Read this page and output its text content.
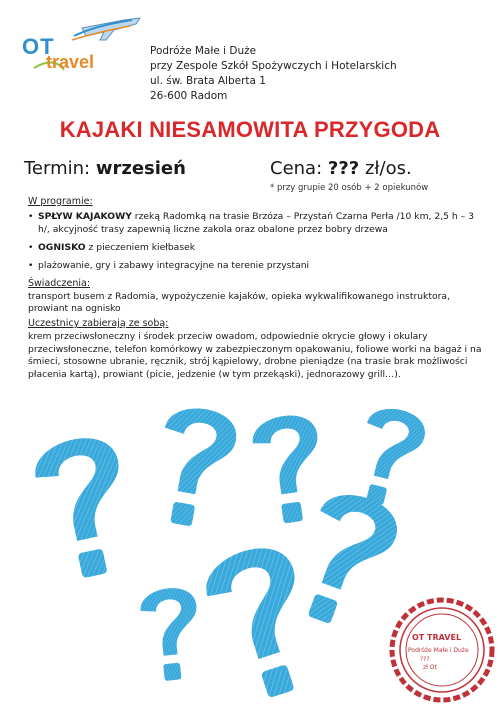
OT
travel
Podróże Małe i Duże
przy Zespole Szkół Spożywczych i Hotelarskich
ul. św. Brata Alberta 1
26-600 Radom
KAJAKI NIESAMOWITA PRZYGODA
Termin: wrzesień	Cena: ??? zł/os.
* przy grupie 20 osób + 2 opiekunów
W programie:
• SPŁYW KAJAKOWY rzeką Radomką na trasie Brzóza – Przystań Czarna Perła /10 km, 2,5 h – 3 h/, akcyjność trasy zapewnią liczne zakola oraz obalone przez bobry drzewa
• OGNISKO z pieczeniem kiełbasek
• plażowanie, gry i zabawy integracyjne na terenie przystani
Świadczenia:
transport busem z Radomia, wypożyczenie kajaków, opieka wykwalifikowanego instruktora, prowiant na ognisko
Uczestnicy zabierają ze sobą:
krem przeciwsłoneczny i środek przeciw owadom, odpowiednie okrycie głowy i okulary przeciwsłoneczne, telefon komórkowy w zabezpieczonym opakowaniu, foliowe worki na bagaż i na śmieci, stosowne ubranie, ręcznik, strój kąpielowy, drobne pieniądze (na trasie brak możliwości płacenia kartą), prowiant (picie, jedzenie (w tym przekąski), jednorazowy grill…).
OT TRAVEL
Podróże Małe i Duże
???
zł Ot
